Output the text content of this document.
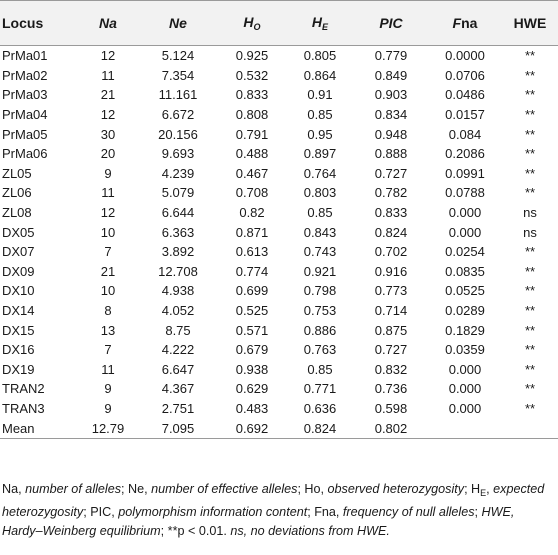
Locus	Na	Ne	$H_O$	$H_E$	PIC	Fna	HWE
PrMa01	12	5.124	0.925	0.805	0.779	0.0000	**
PrMa02	11	7.354	0.532	0.864	0.849	0.0706	**
PrMa03	21	11.161	0.833	0.91	0.903	0.0486	**
PrMa04	12	6.672	0.808	0.85	0.834	0.0157	**
PrMa05	30	20.156	0.791	0.95	0.948	0.084	**
PrMa06	20	9.693	0.488	0.897	0.888	0.2086	**
ZL05	9	4.239	0.467	0.764	0.727	0.0991	**
ZL06	11	5.079	0.708	0.803	0.782	0.0788	**
ZL08	12	6.644	0.82	0.85	0.833	0.000	ns
DX05	10	6.363	0.871	0.843	0.824	0.000	ns
DX07	7	3.892	0.613	0.743	0.702	0.0254	**
DX09	21	12.708	0.774	0.921	0.916	0.0835	**
DX10	10	4.938	0.699	0.798	0.773	0.0525	**
DX14	8	4.052	0.525	0.753	0.714	0.0289	**
DX15	13	8.75	0.571	0.886	0.875	0.1829	**
DX16	7	4.222	0.679	0.763	0.727	0.0359	**
DX19	11	6.647	0.938	0.85	0.832	0.000	**
TRAN2	9	4.367	0.629	0.771	0.736	0.000	**
TRAN3	9	2.751	0.483	0.636	0.598	0.000	**
Mean	12.79	7.095	0.692	0.824	0.802		
Na, number of alleles; Ne, number of effective alleles; Ho, observed heterozygosity; $H_E$, expected heterozygosity; PIC, polymorphism information content; Fna, frequency of null alleles; HWE, Hardy–Weinberg equilibrium; **p < 0.01. ns, no deviations from HWE.
